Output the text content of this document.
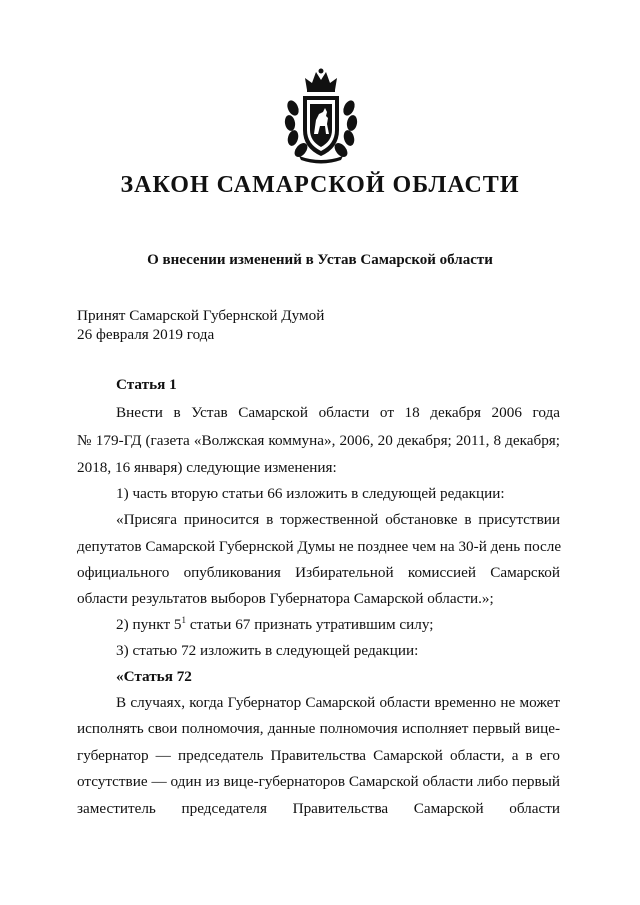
ЗАКОН САМАРСКОЙ ОБЛАСТИ
О внесении изменений в Устав Самарской области
Принят Самарской Губернской Думой
26 февраля 2019 года
Статья 1
Внести в Устав Самарской области от 18 декабря 2006 года
№ 179-ГД (газета «Волжская коммуна», 2006, 20 декабря; 2011, 8 декабря;
2018, 16 января) следующие изменения:
1) часть вторую статьи 66 изложить в следующей редакции:
«Присяга приносится в торжественной обстановке в присутствии
депутатов Самарской Губернской Думы не позднее чем на 30-й день после
официального опубликования Избирательной комиссией Самарской
области результатов выборов Губернатора Самарской области.»;
2) пункт $5^1$ статьи 67 признать утратившим силу;
3) статью 72 изложить в следующей редакции:
«Статья 72
В случаях, когда Губернатор Самарской области временно не может
исполнять свои полномочия, данные полномочия исполняет первый вице-
губернатор — председатель Правительства Самарской области, а в его
отсутствие — один из вице-губернаторов Самарской области либо первый
заместитель председателя Правительства Самарской области
